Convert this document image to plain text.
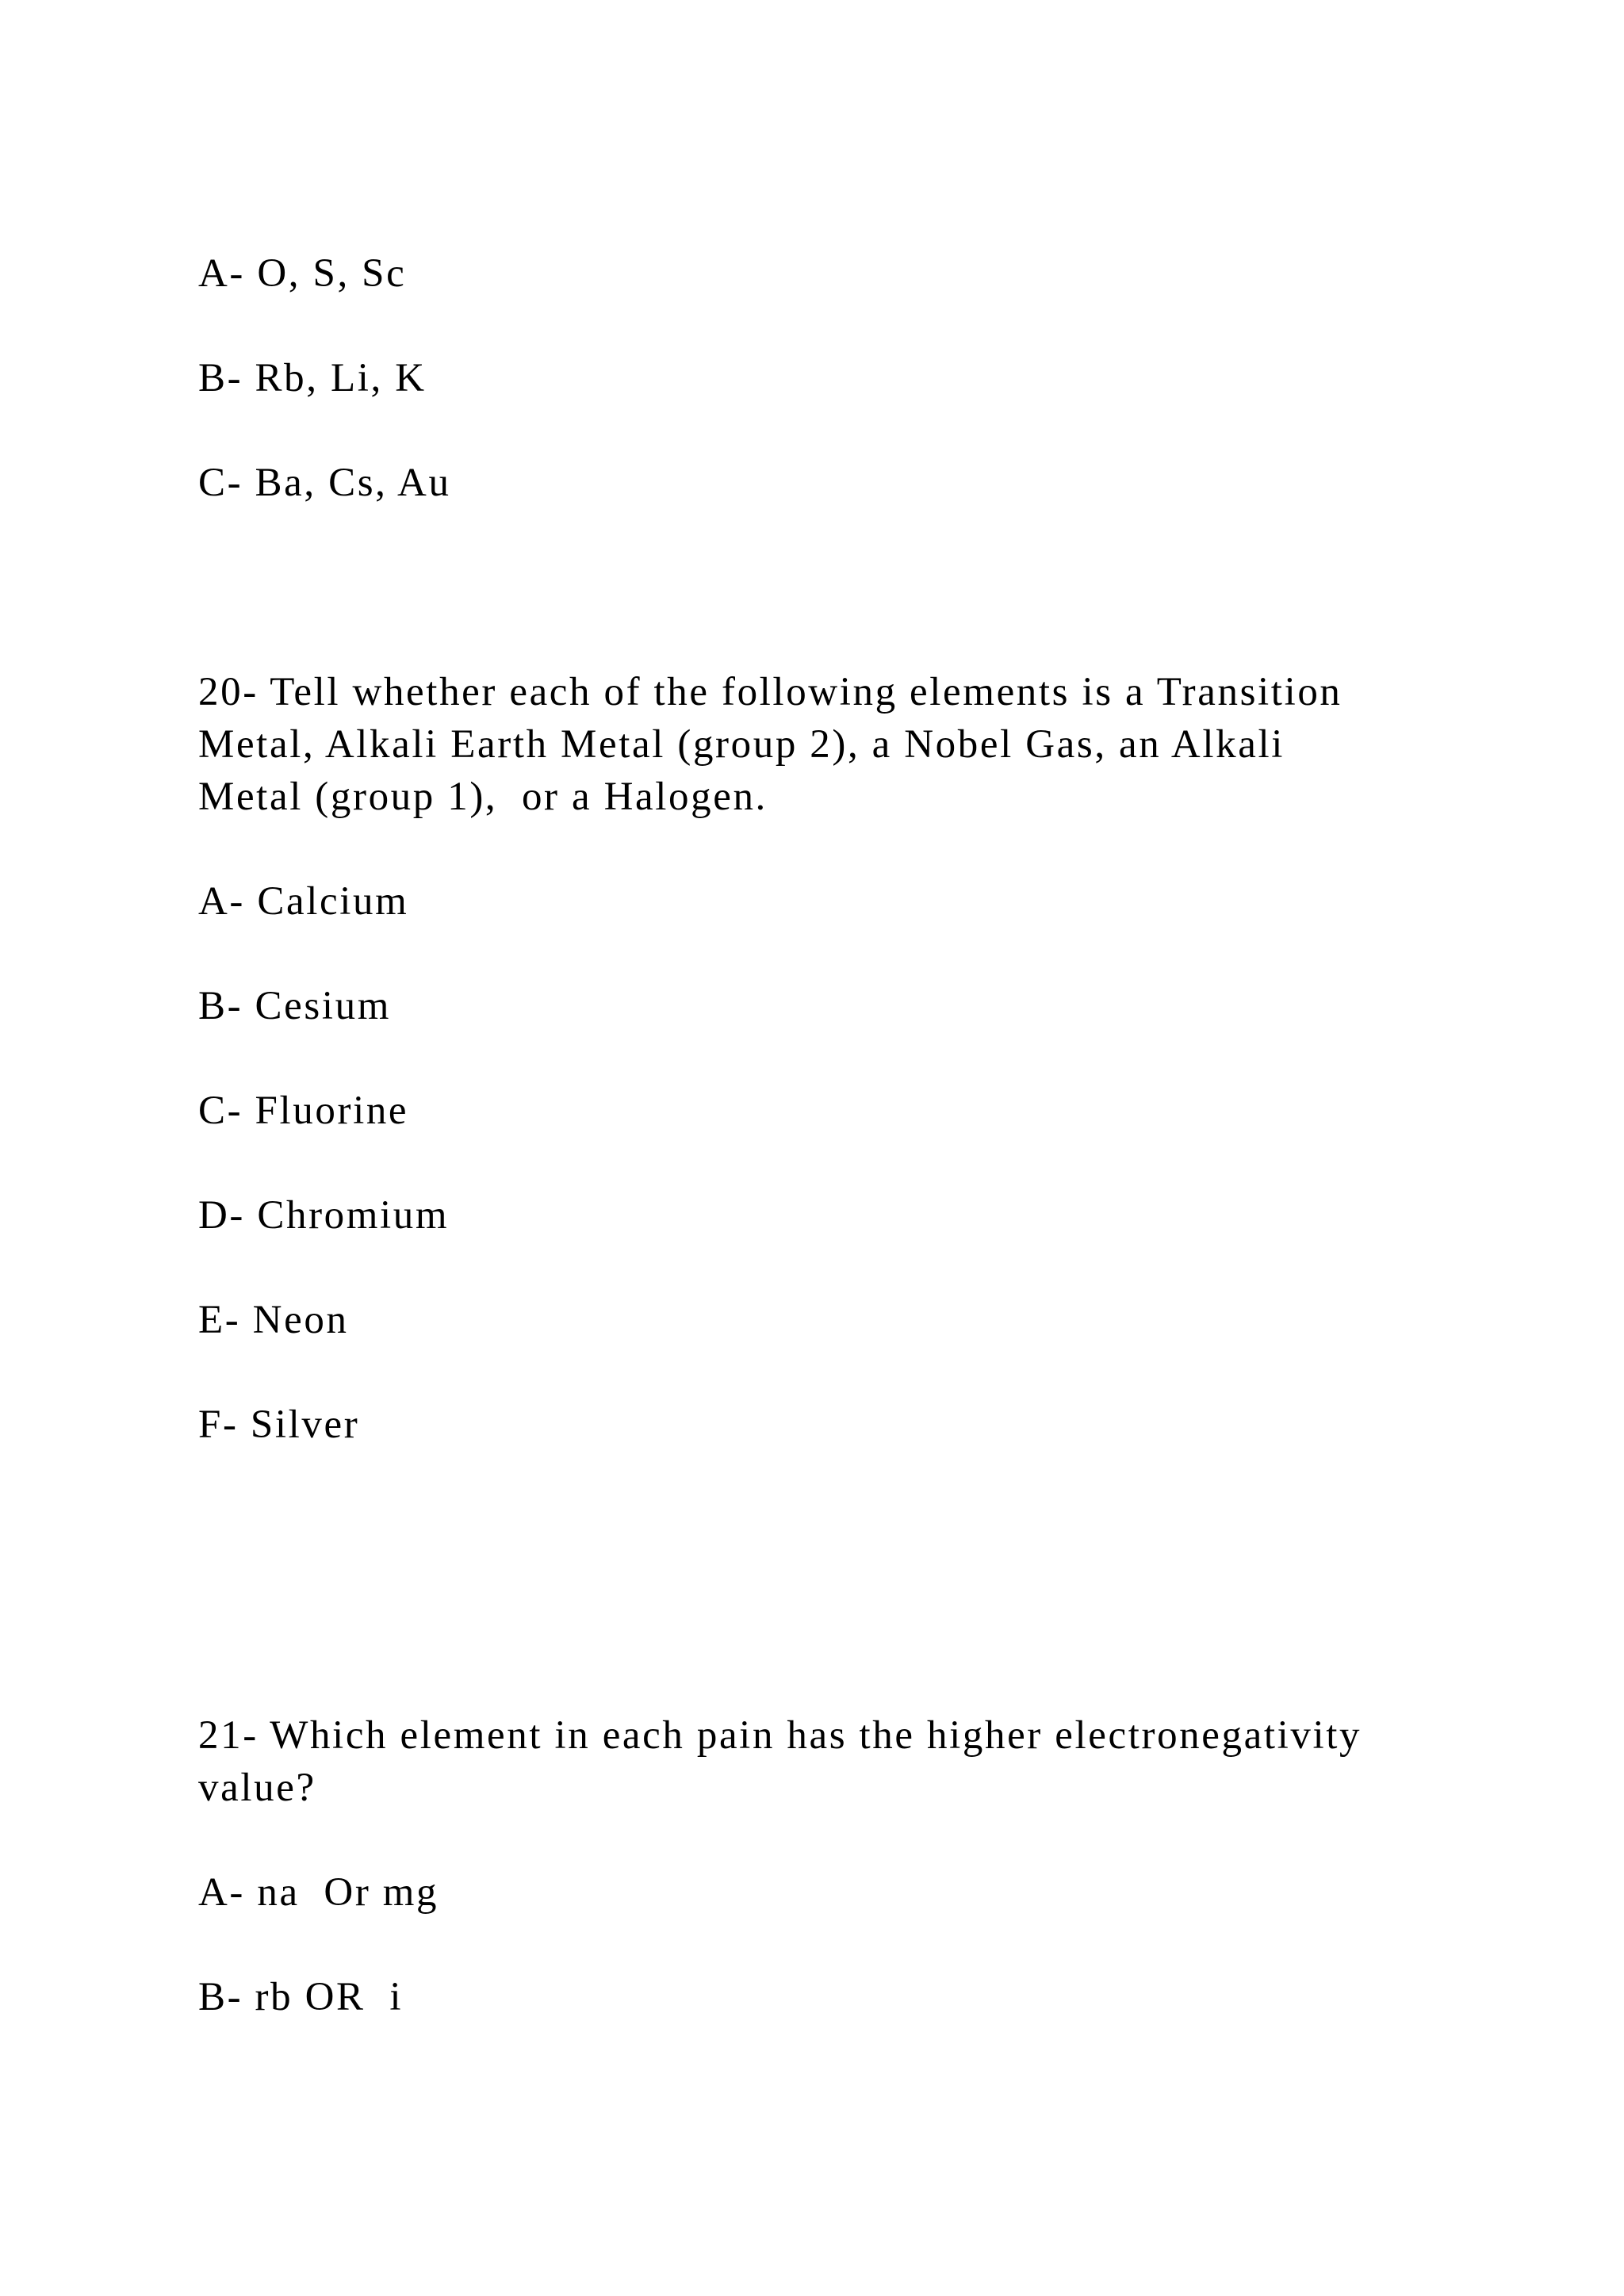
A- O, S, Sc
B- Rb, Li, K
C- Ba, Cs, Au
20- Tell whether each of the following elements is a Transition
Metal, Alkali Earth Metal (group 2), a Nobel Gas, an Alkali
Metal (group 1),  or a Halogen.
A- Calcium
B- Cesium
C- Fluorine
D- Chromium
E- Neon
F- Silver
21- Which element in each pain has the higher electronegativity
value?
A- na  Or mg
B- rb OR  i
